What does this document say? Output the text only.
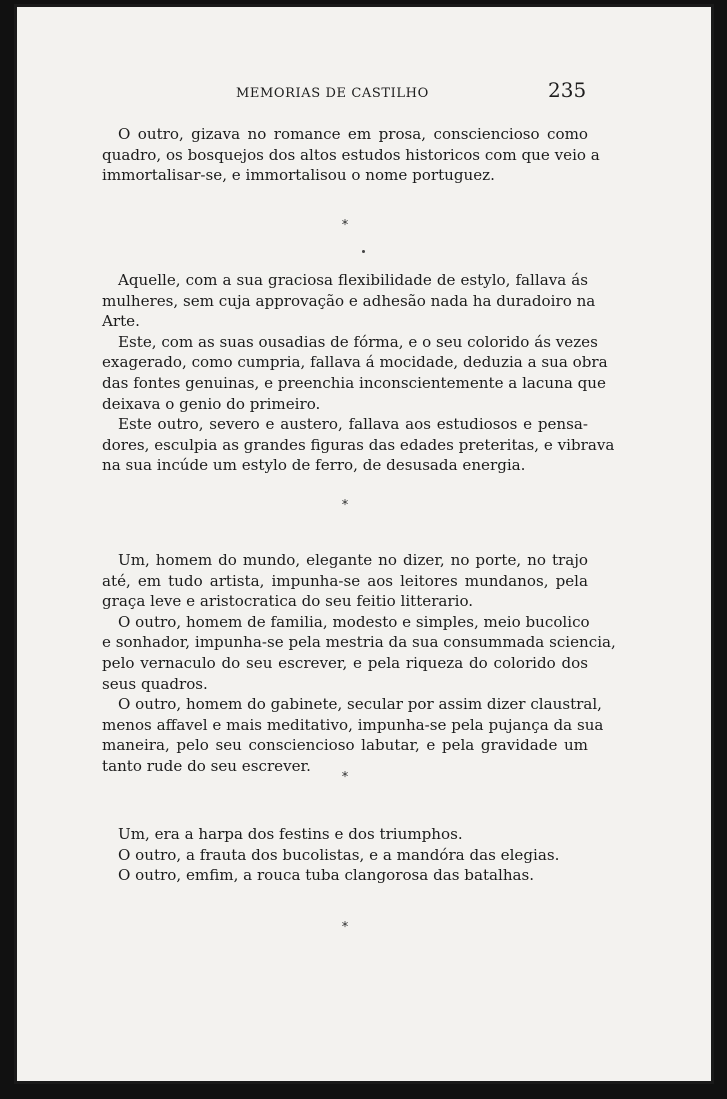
MEMORIAS DE CASTILHO	235
O outro, gizava no romance em prosa, consciencioso como
quadro, os bosquejos dos altos estudos historicos com que veio a
immortalisar-se, e immortalisou o nome portuguez.
*
Aquelle, com a sua graciosa flexibilidade de estylo, fallava ás
mulheres, sem cuja approvação e adhesão nada ha duradoiro na
Arte.
Este, com as suas ousadias de fórma, e o seu colorido ás vezes
exagerado, como cumpria, fallava á mocidade, deduzia a sua obra
das fontes genuinas, e preenchia inconscientemente a lacuna que
deixava o genio do primeiro.
Este outro, severo e austero, fallava aos estudiosos e pensa-
dores, esculpia as grandes figuras das edades preteritas, e vibrava
na sua incúde um estylo de ferro, de desusada energia.
*
Um, homem do mundo, elegante no dizer, no porte, no trajo
até, em tudo artista, impunha-se aos leitores mundanos, pela
graça leve e aristocratica do seu feitio litterario.
O outro, homem de familia, modesto e simples, meio bucolico
e sonhador, impunha-se pela mestria da sua consummada sciencia,
pelo vernaculo do seu escrever, e pela riqueza do colorido dos
seus quadros.
O outro, homem do gabinete, secular por assim dizer claustral,
menos affavel e mais meditativo, impunha-se pela pujança da sua
maneira, pelo seu consciencioso labutar, e pela gravidade um
tanto rude do seu escrever.
*
Um, era a harpa dos festins e dos triumphos.
O outro, a frauta dos bucolistas, e a mandóra das elegias.
O outro, emfim, a rouca tuba clangorosa das batalhas.
*
